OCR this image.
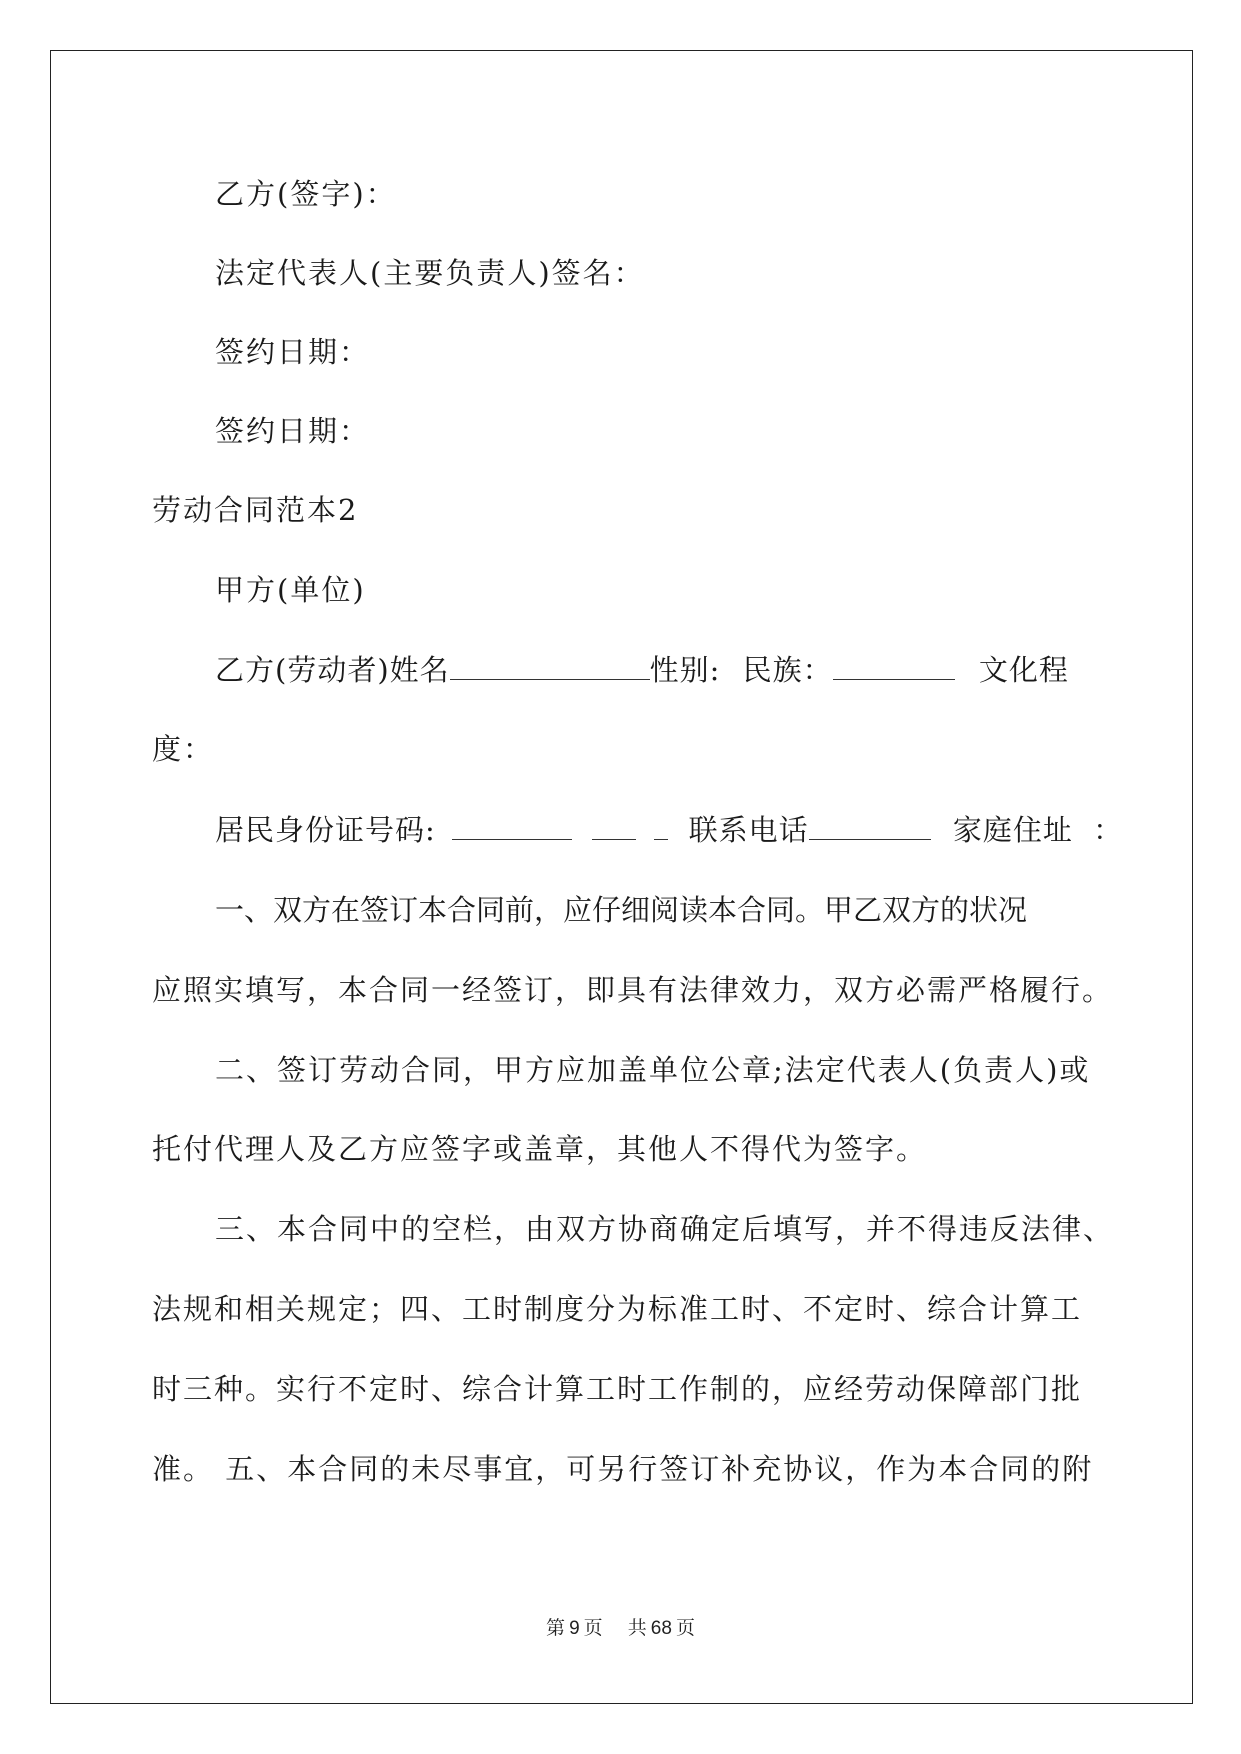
乙方(签字)：
法定代表人(主要负责人)签名：
签约日期：
签约日期：
劳动合同范本2
甲方(单位)
乙方(劳动者)姓名	性别: 民族：	文化程
度：
居民身份证号码:	联系电话	家庭住址 ：
一、双方在签订本合同前，应仔细阅读本合同。甲乙双方的状况
应照实填写，本合同一经签订，即具有法律效力，双方必需严格履行。
二、签订劳动合同，甲方应加盖单位公章;法定代表人(负责人)或
托付代理人及乙方应签字或盖章，其他人不得代为签字。
三、本合同中的空栏，由双方协商确定后填写，并不得违反法律、
法规和相关规定；四、工时制度分为标准工时、不定时、综合计算工
时三种。实行不定时、综合计算工时工作制的，应经劳动保障部门批
准。 五、本合同的未尽事宜，可另行签订补充协议，作为本合同的附
第 9 页 共 68 页
